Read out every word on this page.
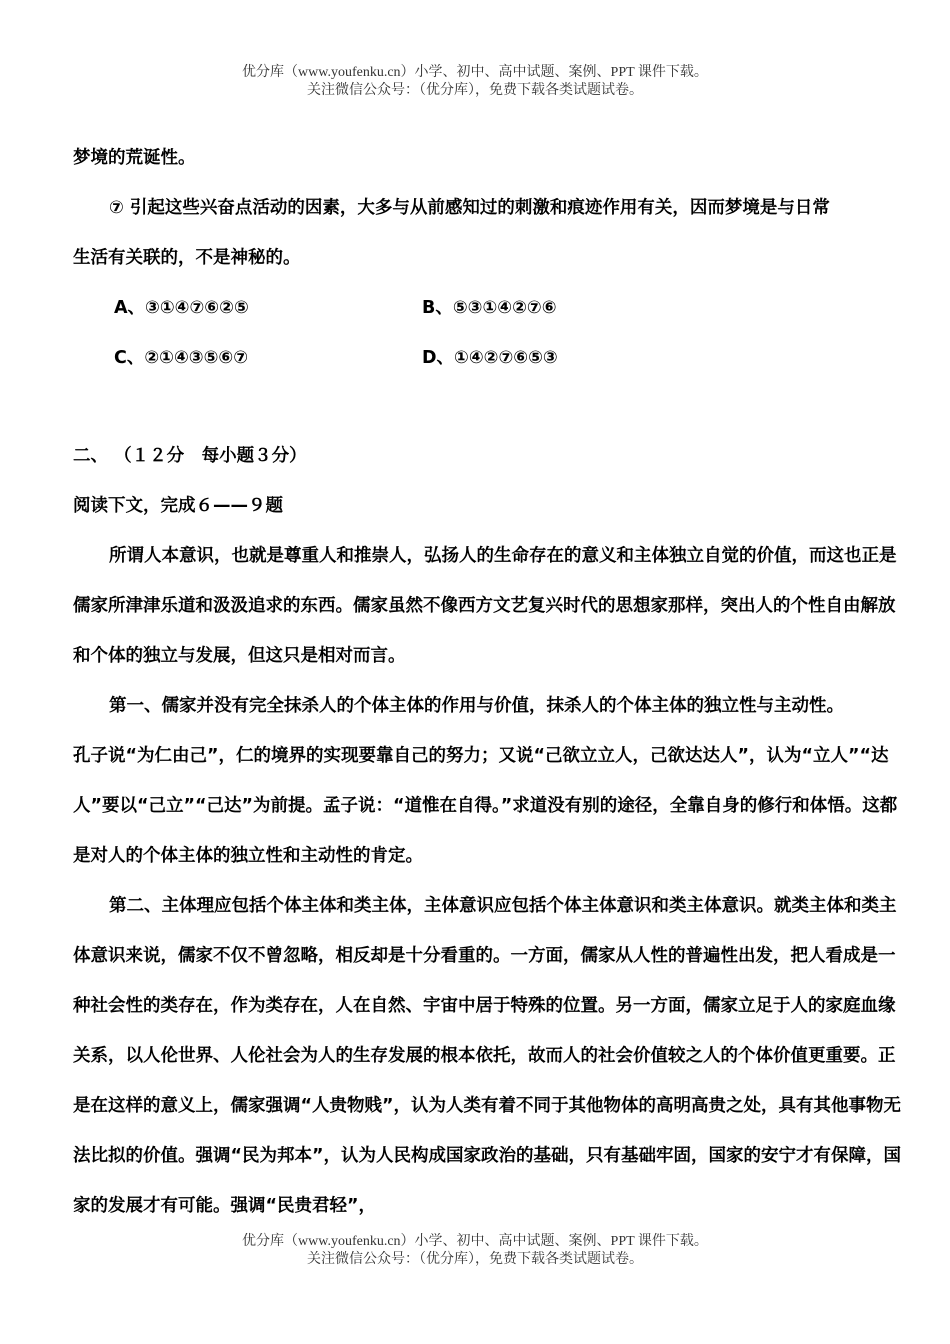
优分库（www.youfenku.cn）小学、初中、高中试题、案例、PPT 课件下载。
关注微信公众号：（优分库），免费下载各类试题试卷。

梦境的荒诞性。

⑦ 引起这些兴奋点活动的因素，大多与从前感知过的刺激和痕迹作用有关，因而梦境是与日常

生活有关联的，不是神秘的。

A、③①④⑦⑥②⑤	B、⑤③①④②⑦⑥
C、②①④③⑤⑥⑦	D、①④②⑦⑥⑤③

二、 （１２分　每小题３分）

阅读下文，完成６——９题

所谓人本意识，也就是尊重人和推崇人，弘扬人的生命存在的意义和主体独立自觉的价值，而这也正是儒家所津津乐道和汲汲追求的东西。儒家虽然不像西方文艺复兴时代的思想家那样，突出人的个性自由解放和个体的独立与发展，但这只是相对而言。

第一、儒家并没有完全抹杀人的个体主体的作用与价值，抹杀人的个体主体的独立性与主动性。

孔子说“为仁由己”，仁的境界的实现要靠自己的努力；又说“己欲立立人，己欲达达人”，认为“立人”“达人”要以“己立”“己达”为前提。孟子说：“道惟在自得。”求道没有别的途径，全靠自身的修行和体悟。这都是对人的个体主体的独立性和主动性的肯定。

第二、主体理应包括个体主体和类主体，主体意识应包括个体主体意识和类主体意识。就类主体和类主体意识来说，儒家不仅不曾忽略，相反却是十分看重的。一方面，儒家从人性的普遍性出发，把人看成是一种社会性的类存在，作为类存在，人在自然、宇宙中居于特殊的位置。另一方面，儒家立足于人的家庭血缘关系，以人伦世界、人伦社会为人的生存发展的根本依托，故而人的社会价值较之人的个体价值更重要。正是在这样的意义上，儒家强调“人贵物贱”，认为人类有着不同于其他物体的高明高贵之处，具有其他事物无法比拟的价值。强调“民为邦本”，认为人民构成国家政治的基础，只有基础牢固，国家的安宁才有保障，国家的发展才有可能。强调“民贵君轻”，

优分库（www.youfenku.cn）小学、初中、高中试题、案例、PPT 课件下载。
关注微信公众号：（优分库），免费下载各类试题试卷。
